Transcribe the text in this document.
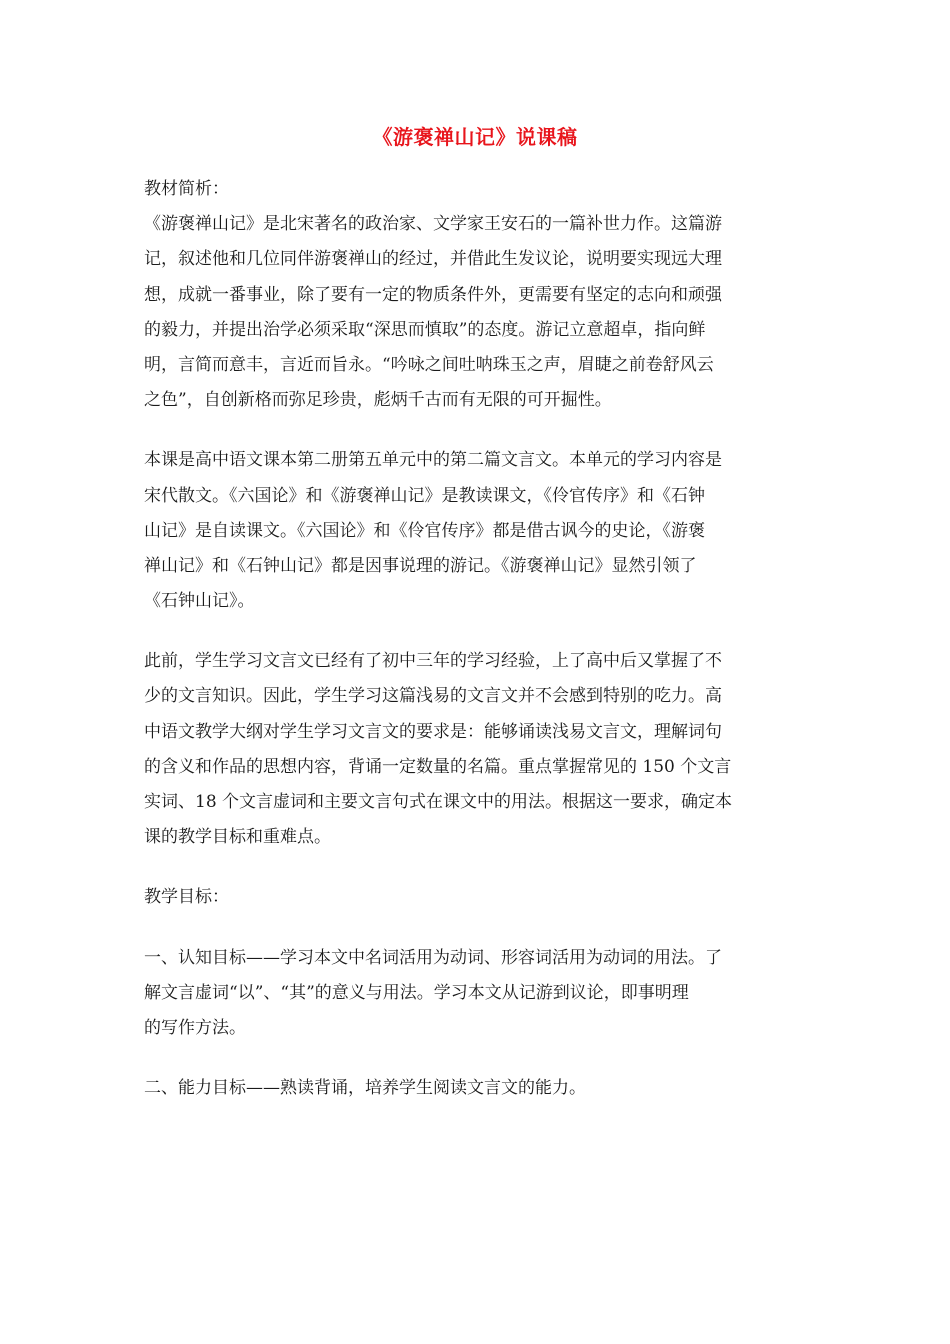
《游褒禅山记》说课稿
教材简析：
《游褒禅山记》是北宋著名的政治家、文学家王安石的一篇补世力作。这篇游
记，叙述他和几位同伴游褒禅山的经过，并借此生发议论，说明要实现远大理
想，成就一番事业，除了要有一定的物质条件外，更需要有坚定的志向和顽强
的毅力，并提出治学必须采取“深思而慎取”的态度。游记立意超卓，指向鲜
明，言简而意丰，言近而旨永。“吟咏之间吐呐珠玉之声，眉睫之前卷舒风云
之色”，自创新格而弥足珍贵，彪炳千古而有无限的可开掘性。
本课是高中语文课本第二册第五单元中的第二篇文言文。本单元的学习内容是
宋代散文。《六国论》和《游褒禅山记》是教读课文，《伶官传序》和《石钟
山记》是自读课文。《六国论》和《伶官传序》都是借古讽今的史论，《游褒
禅山记》和《石钟山记》都是因事说理的游记。《游褒禅山记》显然引领了
《石钟山记》。
此前，学生学习文言文已经有了初中三年的学习经验，上了高中后又掌握了不
少的文言知识。因此，学生学习这篇浅易的文言文并不会感到特别的吃力。高
中语文教学大纲对学生学习文言文的要求是：能够诵读浅易文言文，理解词句
的含义和作品的思想内容，背诵一定数量的名篇。重点掌握常见的 150 个文言
实词、18 个文言虚词和主要文言句式在课文中的用法。根据这一要求，确定本
课的教学目标和重难点。
教学目标：
一、认知目标——学习本文中名词活用为动词、形容词活用为动词的用法。了
解文言虚词“以”、“其”的意义与用法。学习本文从记游到议论，即事明理
的写作方法。
二、能力目标——熟读背诵，培养学生阅读文言文的能力。
